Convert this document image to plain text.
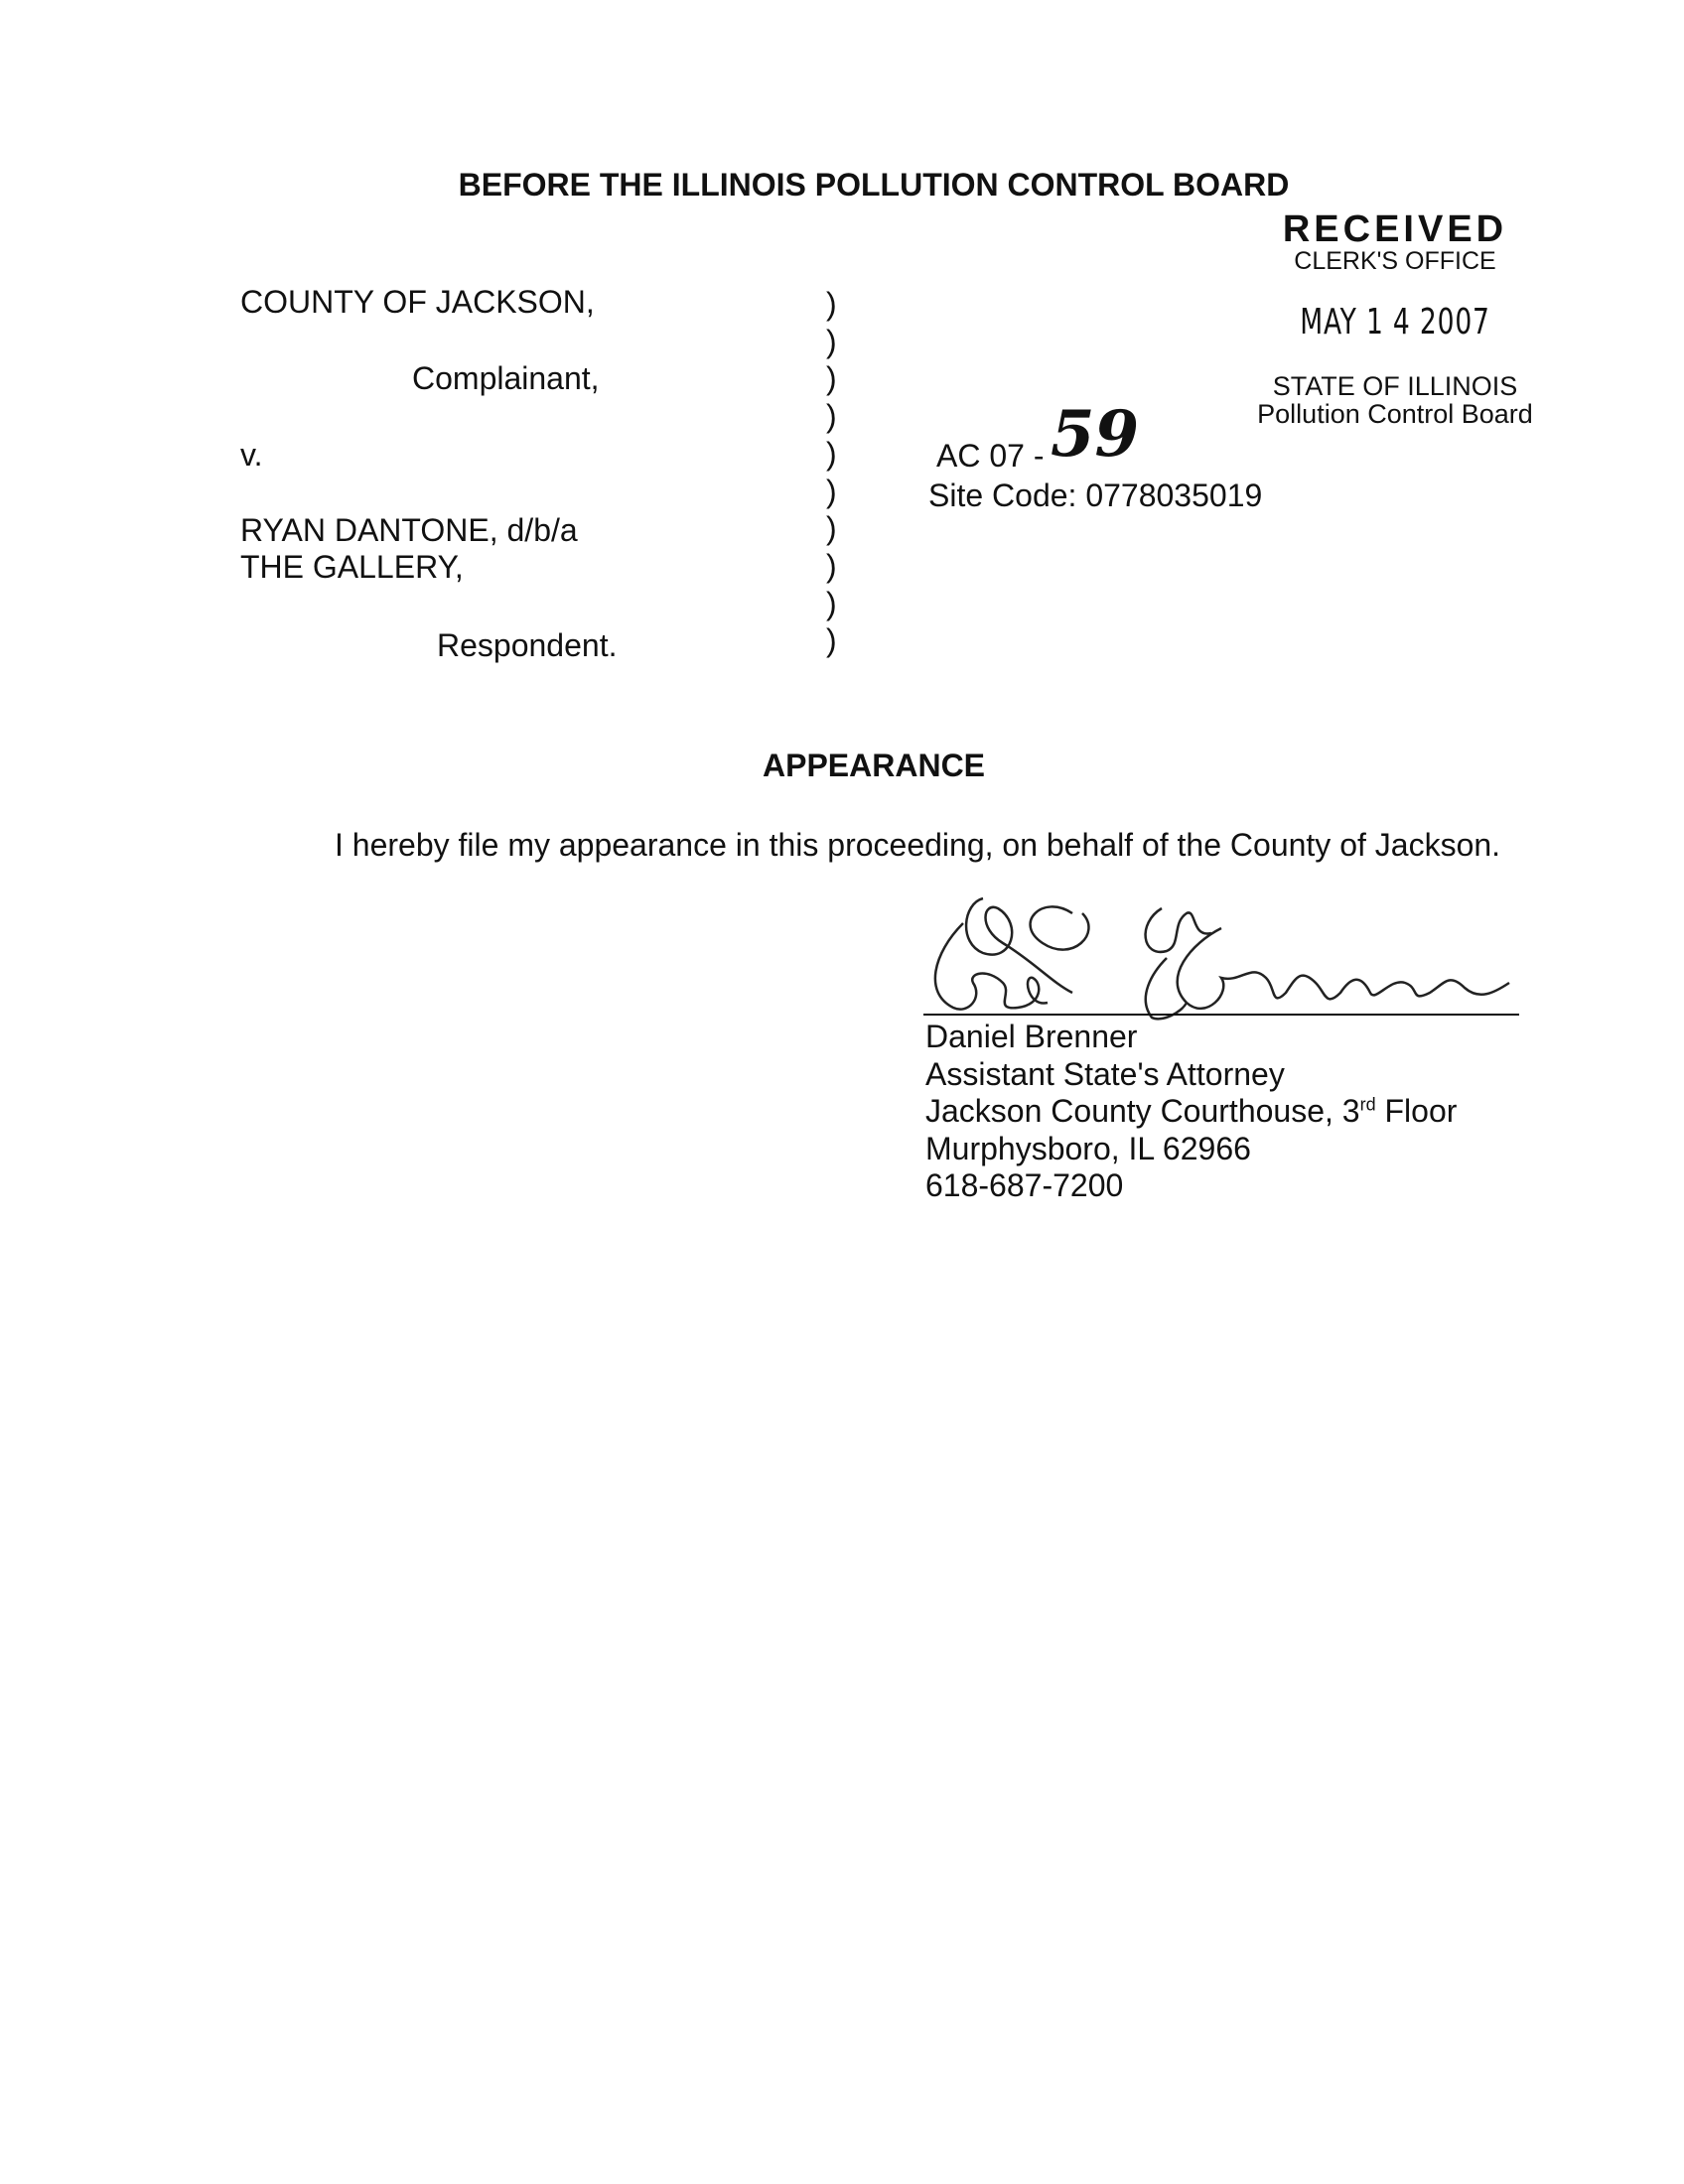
BEFORE THE ILLINOIS POLLUTION CONTROL BOARD
RECEIVED
CLERK'S OFFICE
MAY 1 4 2007
STATE OF ILLINOIS
Pollution Control Board
COUNTY OF JACKSON,
Complainant,
v.
RYAN DANTONE, d/b/a
THE GALLERY,
Respondent.
)
)
)
)
)
)
)
)
)
)
AC 07 - 59
Site Code: 0778035019
APPEARANCE
I hereby file my appearance in this proceeding, on behalf of the County of Jackson.
Daniel Brenner
Assistant State's Attorney
Jackson County Courthouse, 3rd Floor
Murphysboro, IL 62966
618-687-7200
